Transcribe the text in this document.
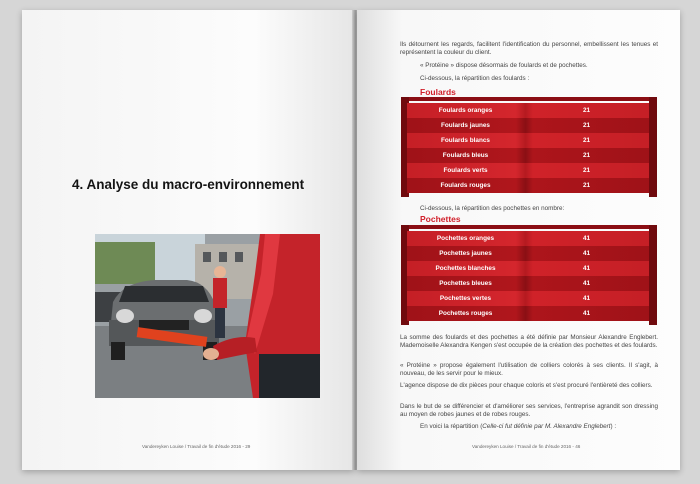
4. Analyse du macro-environnement
Vandereyken Louise / Travail de fin d'étude 2016 - 29

Ils détournent les regards, facilitent l'identification du personnel, embellissent les tenues et représentent la couleur du client.

« Protéine » dispose désormais de foulards et de pochettes.

Ci-dessous, la répartition des foulards :

Foulards
Foulards oranges	21
Foulards jaunes	21
Foulards blancs	21
Foulards bleus	21
Foulards verts	21
Foulards rouges	21

Ci-dessous, la répartition des pochettes en nombre:

Pochettes
Pochettes oranges	41
Pochettes jaunes	41
Pochettes blanches	41
Pochettes bleues	41
Pochettes vertes	41
Pochettes rouges	41

La somme des foulards et des pochettes a été définie par Monsieur Alexandre Englebert. Mademoiselle Alexandra Kengen s'est occupée de la création des pochettes et des foulards.

« Protéine » propose également l'utilisation de colliers colorés à ses clients. Il s'agit, à nouveau, de les servir pour le mieux.

L'agence dispose de dix pièces pour chaque coloris et s'est procuré l'entièreté des colliers.

Dans le but de se différencier et d'améliorer ses services, l'entreprise agrandit son dressing au moyen de robes jaunes et de robes rouges.

En voici la répartition (Celle-ci fut définie par M. Alexandre Englebert) :

Vandereyken Louise / Travail de fin d'étude 2016 - 46
